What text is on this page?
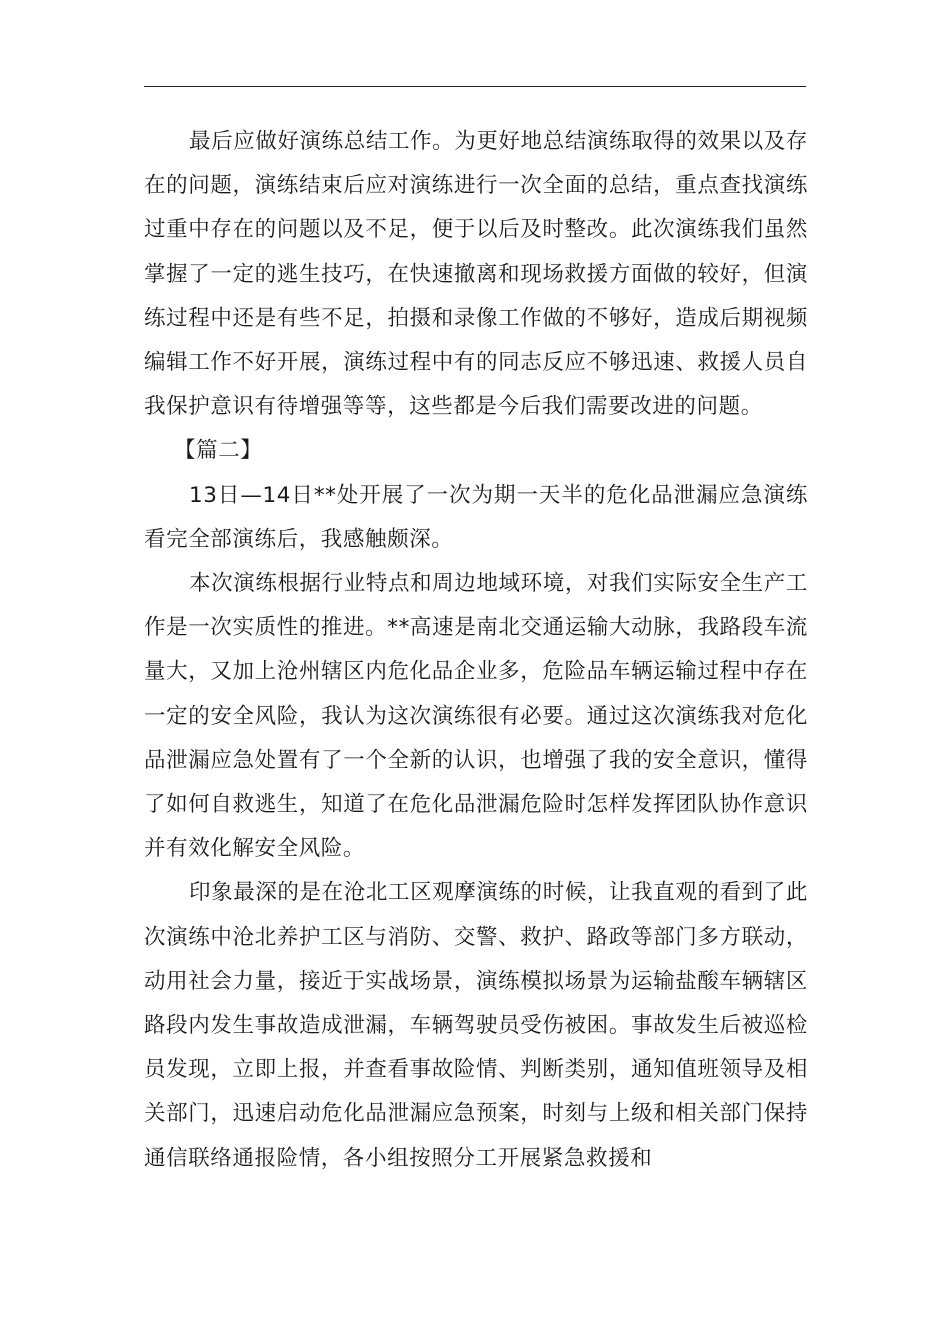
最后应做好演练总结工作。为更好地总结演练取得的效果以及存在的问题，演练结束后应对演练进行一次全面的总结，重点查找演练过重中存在的问题以及不足，便于以后及时整改。此次演练我们虽然掌握了一定的逃生技巧，在快速撤离和现场救援方面做的较好，但演练过程中还是有些不足，拍摄和录像工作做的不够好，造成后期视频编辑工作不好开展，演练过程中有的同志反应不够迅速、救援人员自我保护意识有待增强等等，这些都是今后我们需要改进的问题。

【篇二】

13日—14日**处开展了一次为期一天半的危化品泄漏应急演练看完全部演练后，我感触颇深。

本次演练根据行业特点和周边地域环境，对我们实际安全生产工作是一次实质性的推进。**高速是南北交通运输大动脉，我路段车流量大，又加上沧州辖区内危化品企业多，危险品车辆运输过程中存在一定的安全风险，我认为这次演练很有必要。通过这次演练我对危化品泄漏应急处置有了一个全新的认识，也增强了我的安全意识，懂得了如何自救逃生，知道了在危化品泄漏危险时怎样发挥团队协作意识并有效化解安全风险。

印象最深的是在沧北工区观摩演练的时候，让我直观的看到了此次演练中沧北养护工区与消防、交警、救护、路政等部门多方联动，动用社会力量，接近于实战场景，演练模拟场景为运输盐酸车辆辖区路段内发生事故造成泄漏，车辆驾驶员受伤被困。事故发生后被巡检员发现，立即上报，并查看事故险情、判断类别，通知值班领导及相关部门，迅速启动危化品泄漏应急预案，时刻与上级和相关部门保持通信联络通报险情，各小组按照分工开展紧急救援和
